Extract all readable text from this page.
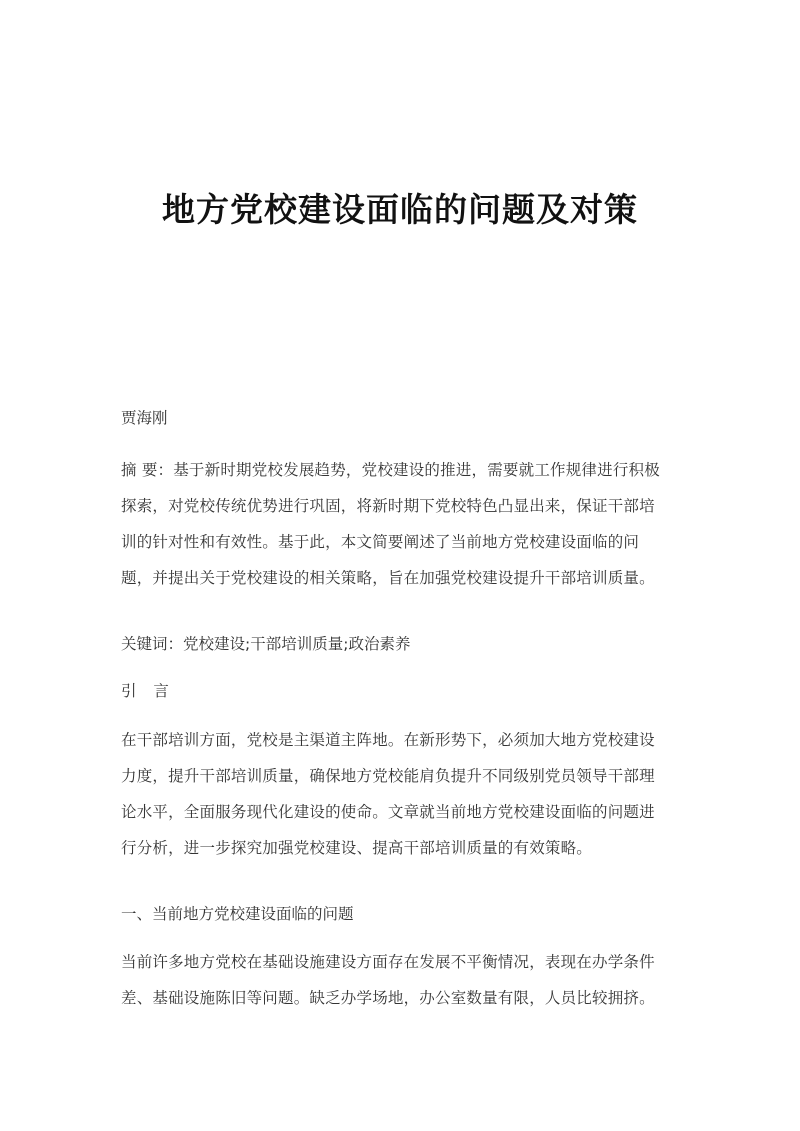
地方党校建设面临的问题及对策
贾海刚
摘 要：基于新时期党校发展趋势，党校建设的推进，需要就工作规律进行积极
探索，对党校传统优势进行巩固，将新时期下党校特色凸显出来，保证干部培
训的针对性和有效性。基于此，本文简要阐述了当前地方党校建设面临的问
题，并提出关于党校建设的相关策略，旨在加强党校建设提升干部培训质量。
关键词：党校建设;干部培训质量;政治素养
引 言
在干部培训方面，党校是主渠道主阵地。在新形势下，必须加大地方党校建设
力度，提升干部培训质量，确保地方党校能肩负提升不同级别党员领导干部理
论水平，全面服务现代化建设的使命。文章就当前地方党校建设面临的问题进
行分析，进一步探究加强党校建设、提高干部培训质量的有效策略。
一、当前地方党校建设面临的问题
当前许多地方党校在基础设施建设方面存在发展不平衡情况，表现在办学条件
差、基础设施陈旧等问题。缺乏办学场地，办公室数量有限，人员比较拥挤。
